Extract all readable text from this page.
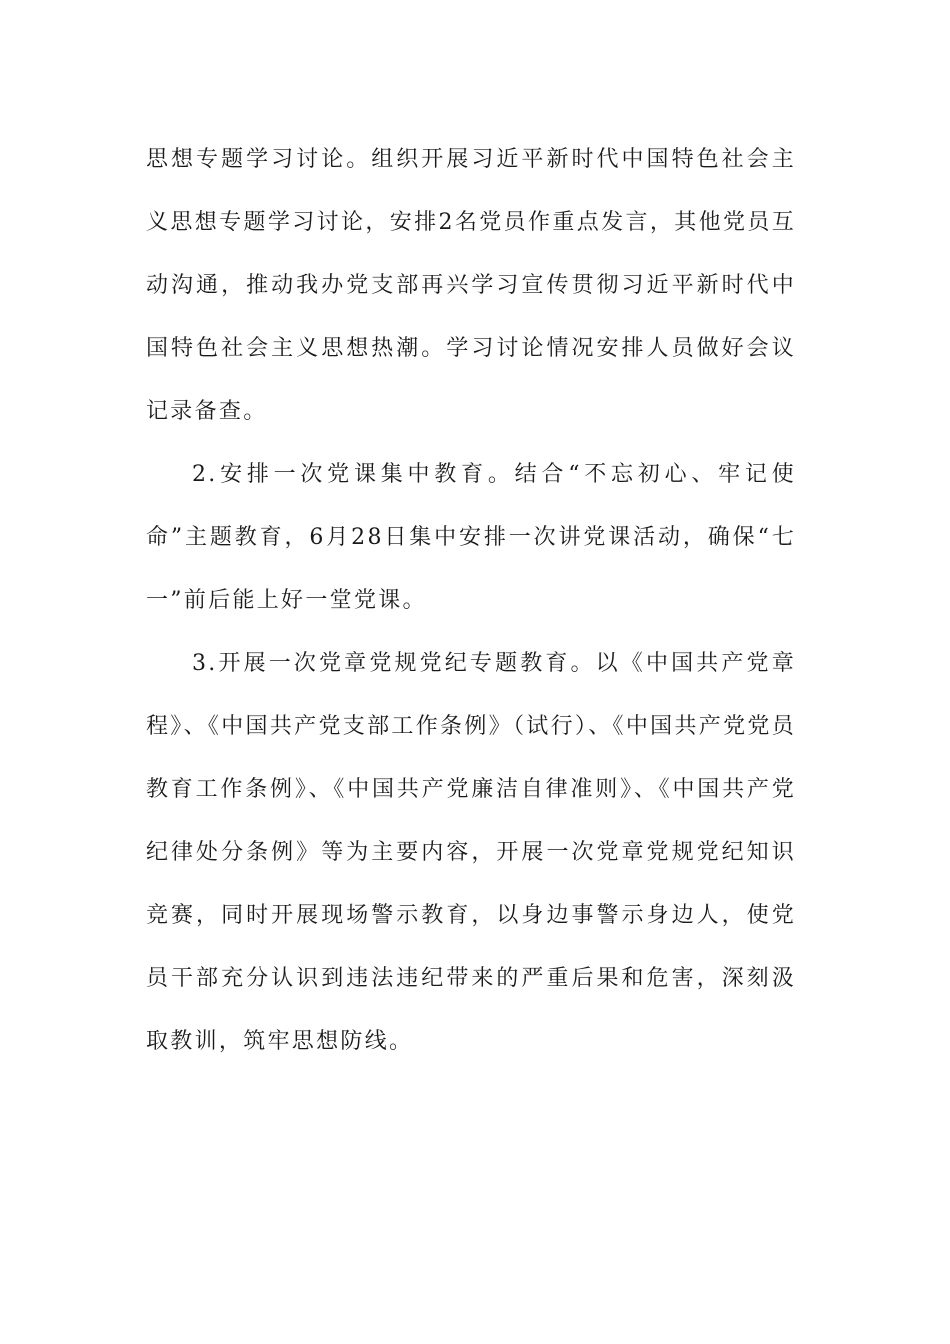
思想专题学习讨论。组织开展习近平新时代中国特色社会主义思想专题学习讨论，安排2名党员作重点发言，其他党员互动沟通，推动我办党支部再兴学习宣传贯彻习近平新时代中国特色社会主义思想热潮。学习讨论情况安排人员做好会议记录备查。

2.安排一次党课集中教育。结合“不忘初心、牢记使命”主题教育，6月28日集中安排一次讲党课活动，确保“七一”前后能上好一堂党课。

3.开展一次党章党规党纪专题教育。以《中国共产党章程》、《中国共产党支部工作条例》（试行）、《中国共产党党员教育工作条例》、《中国共产党廉洁自律准则》、《中国共产党纪律处分条例》等为主要内容，开展一次党章党规党纪知识竞赛，同时开展现场警示教育，以身边事警示身边人，使党员干部充分认识到违法违纪带来的严重后果和危害，深刻汲取教训，筑牢思想防线。
